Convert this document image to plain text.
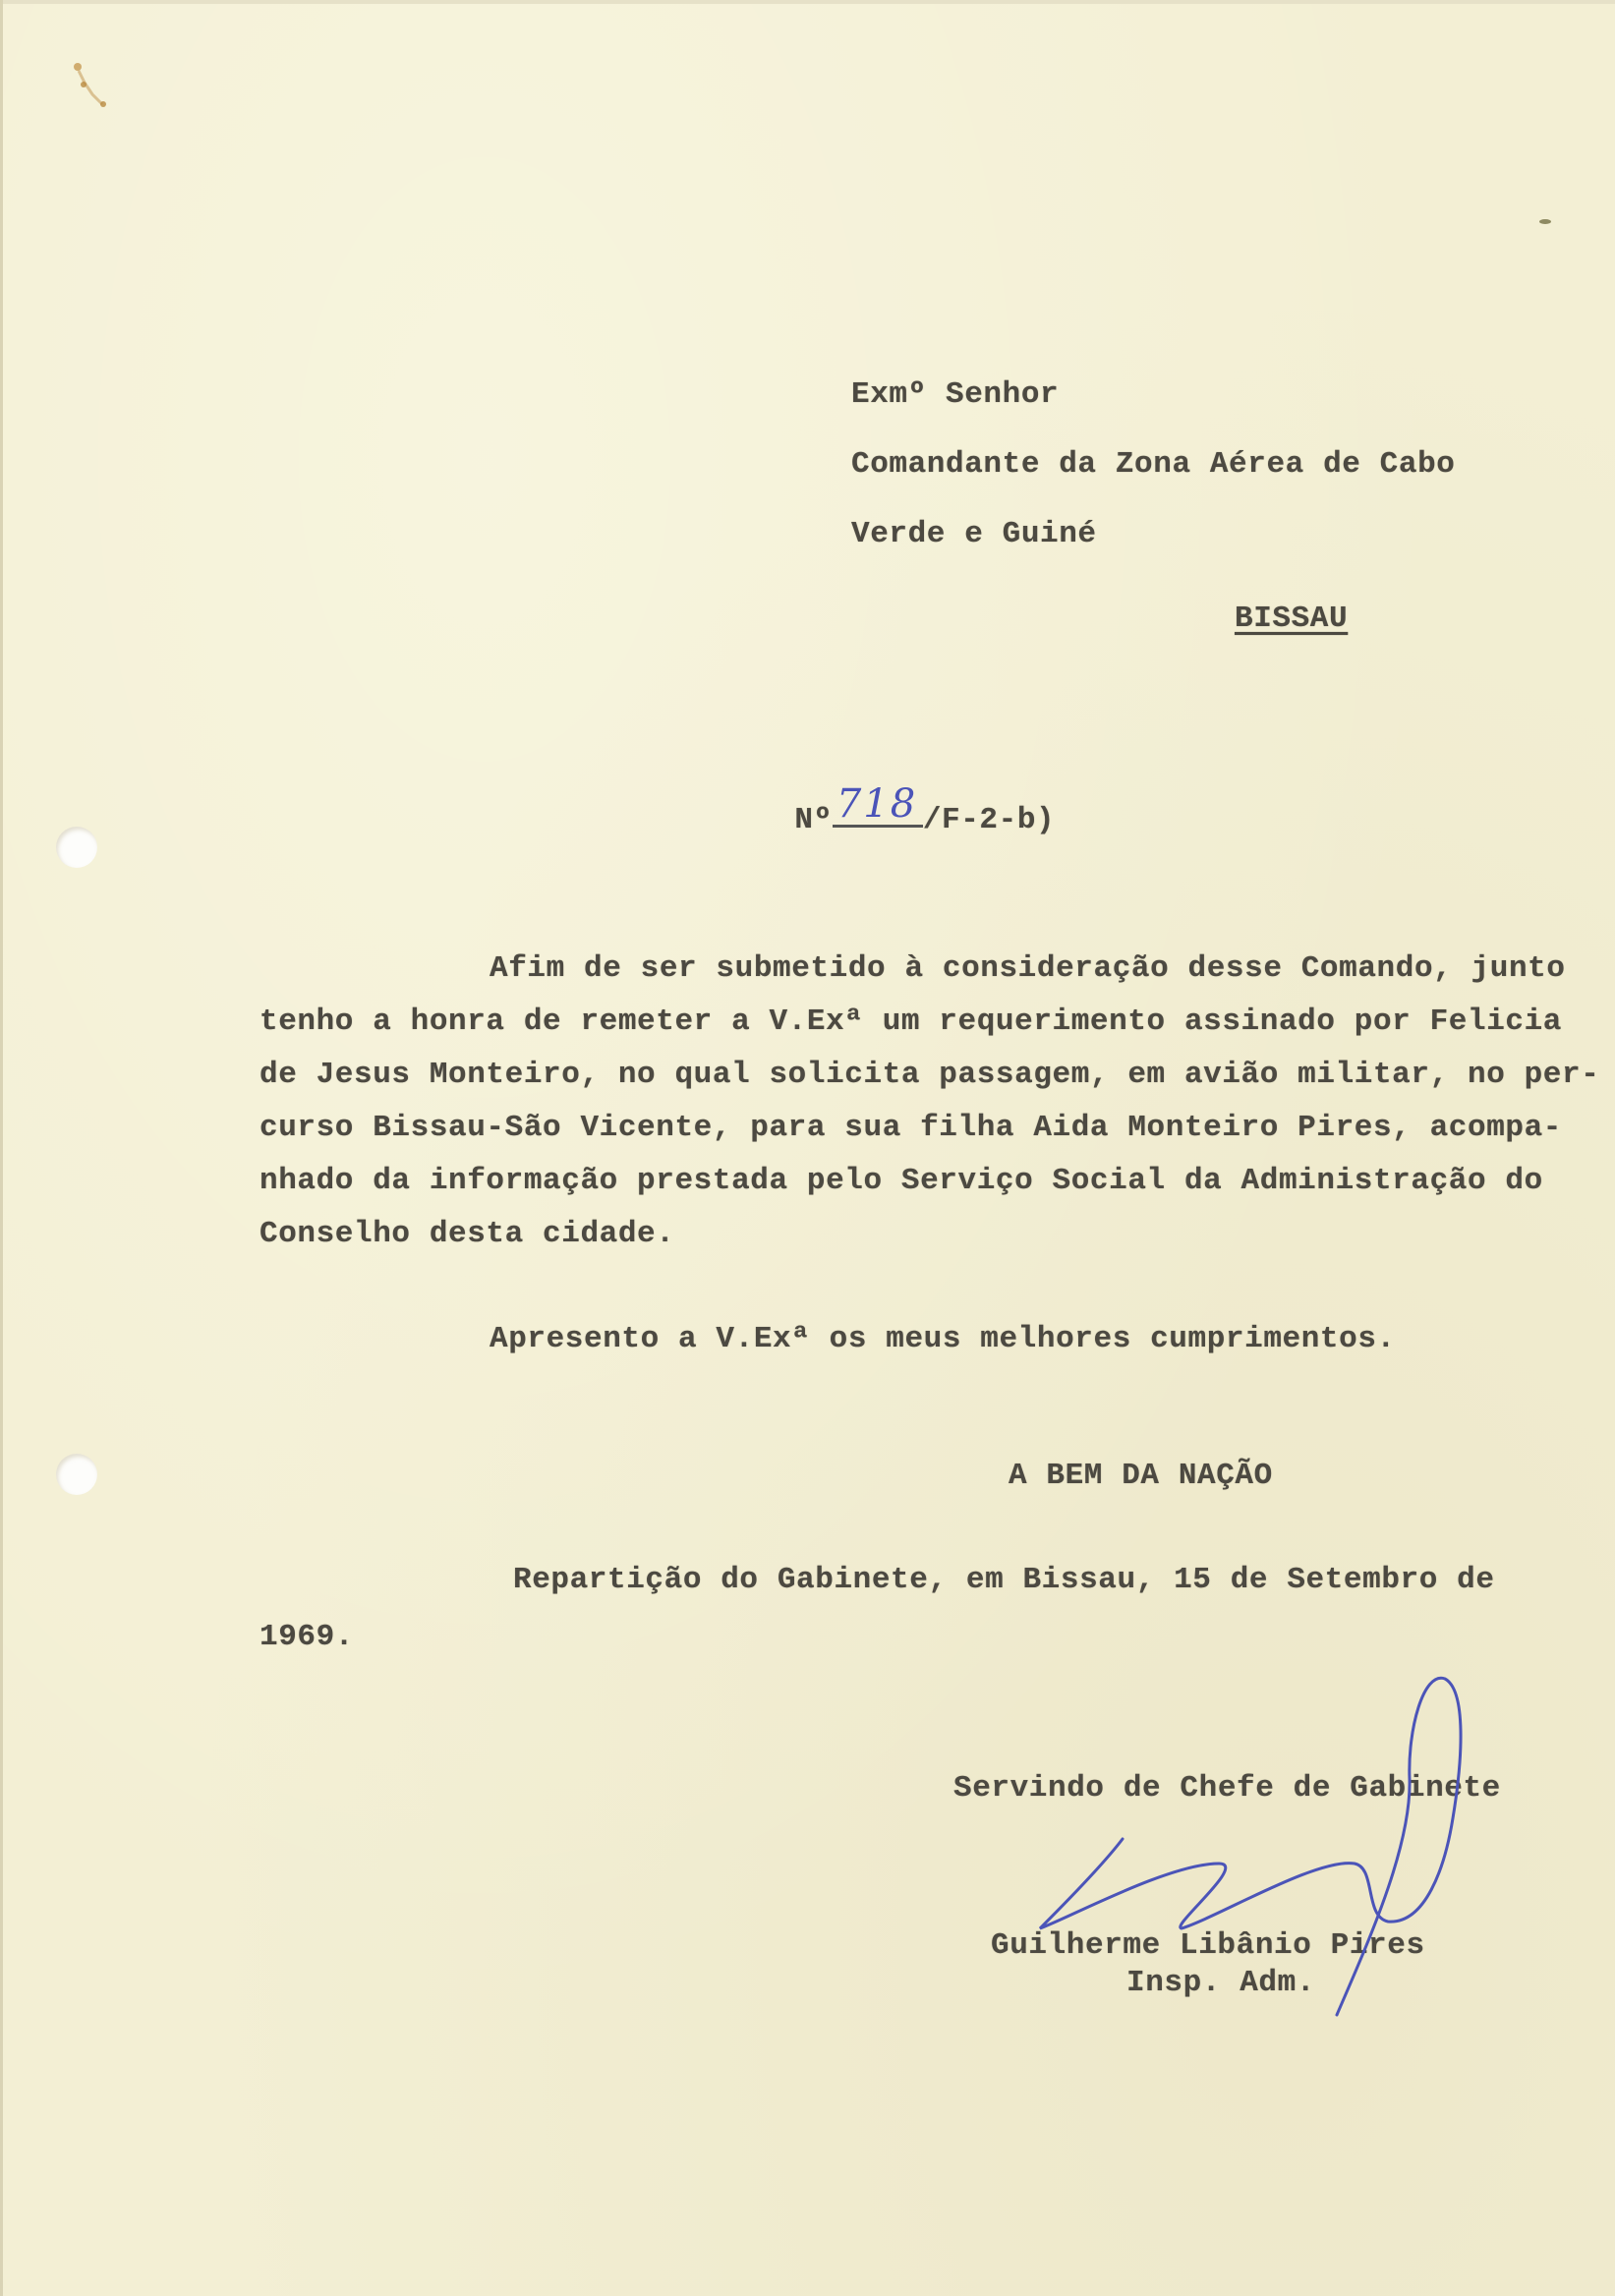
Exmº Senhor
Comandante da Zona Aérea de Cabo
Verde e Guiné
BISSAU

Nº 718 /F-2-b)

Afim de ser submetido à consideração desse Comando, junto
tenho a honra de remeter a V.Exª um requerimento assinado por Felicia
de Jesus Monteiro, no qual solicita passagem, em avião militar, no per-
curso Bissau-São Vicente, para sua filha Aida Monteiro Pires, acompa-
nhado da informação prestada pelo Serviço Social da Administração do
Conselho desta cidade.
Apresento a V.Exª os meus melhores cumprimentos.
A BEM DA NAÇÃO
Repartição do Gabinete, em Bissau, 15 de Setembro de
1969.
Servindo de Chefe de Gabinete
Guilherme Libânio Pires
Insp. Adm.
